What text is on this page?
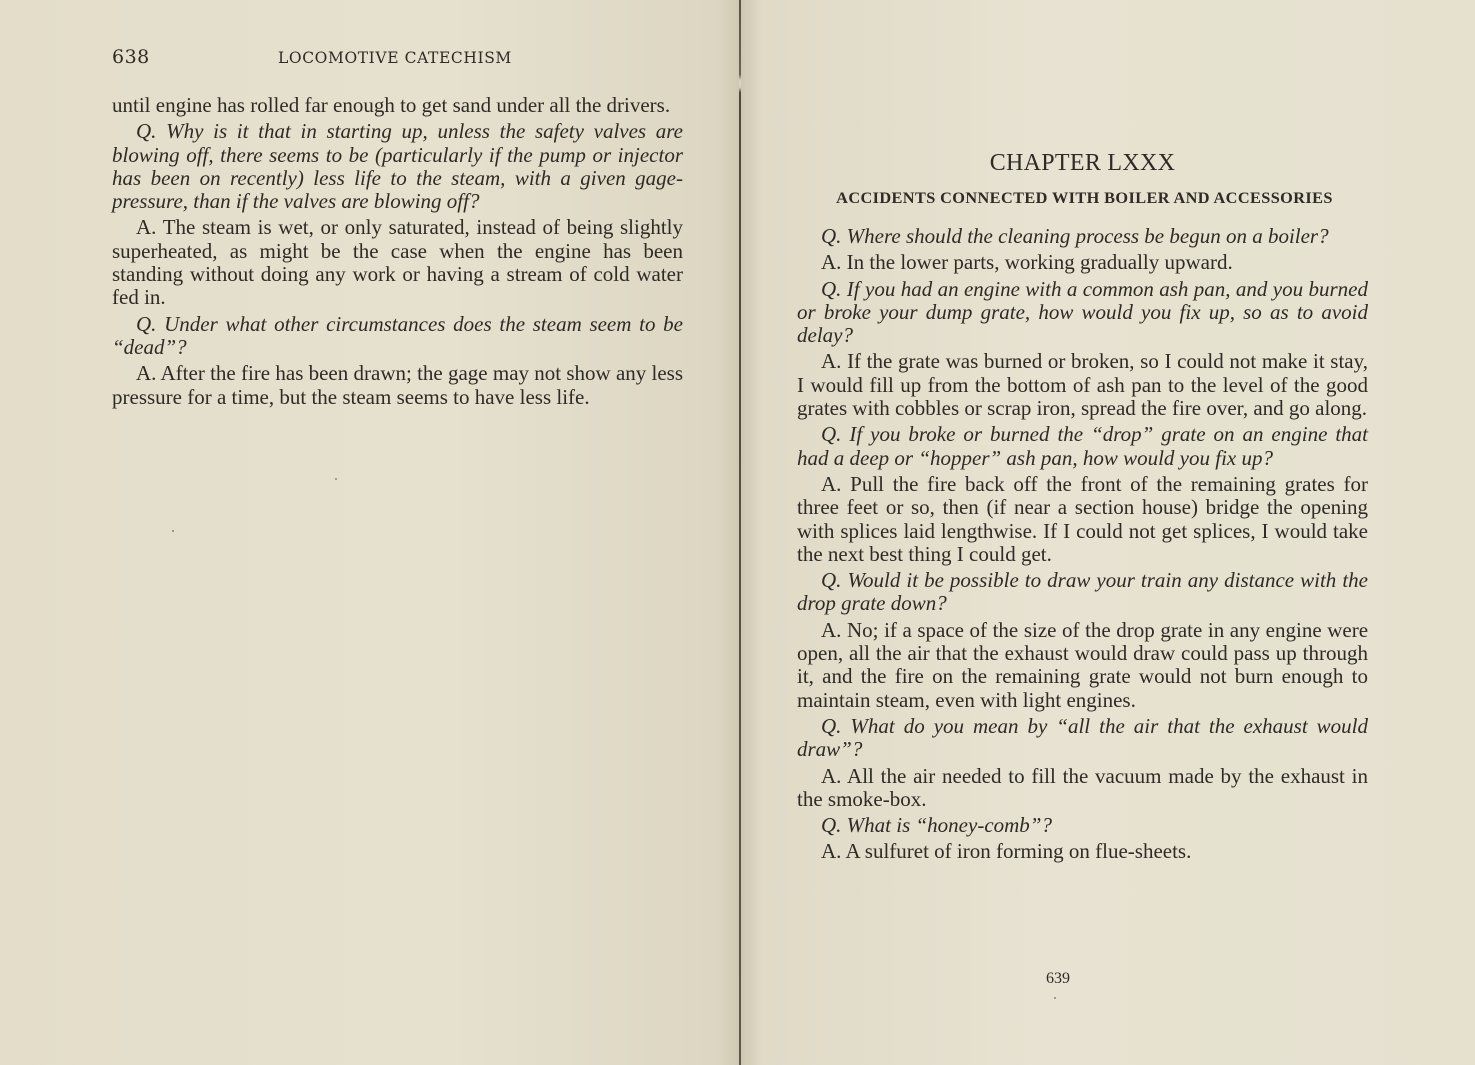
638	LOCOMOTIVE CATECHISM

until engine has rolled far enough to get sand under all the drivers.

Q. Why is it that in starting up, unless the safety valves are blowing off, there seems to be (particularly if the pump or injector has been on recently) less life to the steam, with a given gage-pressure, than if the valves are blowing off?

A. The steam is wet, or only saturated, instead of being slightly superheated, as might be the case when the engine has been standing without doing any work or having a stream of cold water fed in.

Q. Under what other circumstances does the steam seem to be “dead”?

A. After the fire has been drawn; the gage may not show any less pressure for a time, but the steam seems to have less life.

CHAPTER LXXX
ACCIDENTS CONNECTED WITH BOILER AND ACCESSORIES

Q. Where should the cleaning process be begun on a boiler?

A. In the lower parts, working gradually upward.

Q. If you had an engine with a common ash pan, and you burned or broke your dump grate, how would you fix up, so as to avoid delay?

A. If the grate was burned or broken, so I could not make it stay, I would fill up from the bottom of ash pan to the level of the good grates with cobbles or scrap iron, spread the fire over, and go along.

Q. If you broke or burned the “drop” grate on an engine that had a deep or “hopper” ash pan, how would you fix up?

A. Pull the fire back off the front of the remaining grates for three feet or so, then (if near a section house) bridge the opening with splices laid lengthwise. If I could not get splices, I would take the next best thing I could get.

Q. Would it be possible to draw your train any distance with the drop grate down?

A. No; if a space of the size of the drop grate in any engine were open, all the air that the exhaust would draw could pass up through it, and the fire on the remaining grate would not burn enough to maintain steam, even with light engines.

Q. What do you mean by “all the air that the exhaust would draw”?

A. All the air needed to fill the vacuum made by the exhaust in the smoke-box.

Q. What is “honey-comb”?

A. A sulfuret of iron forming on flue-sheets.

639
